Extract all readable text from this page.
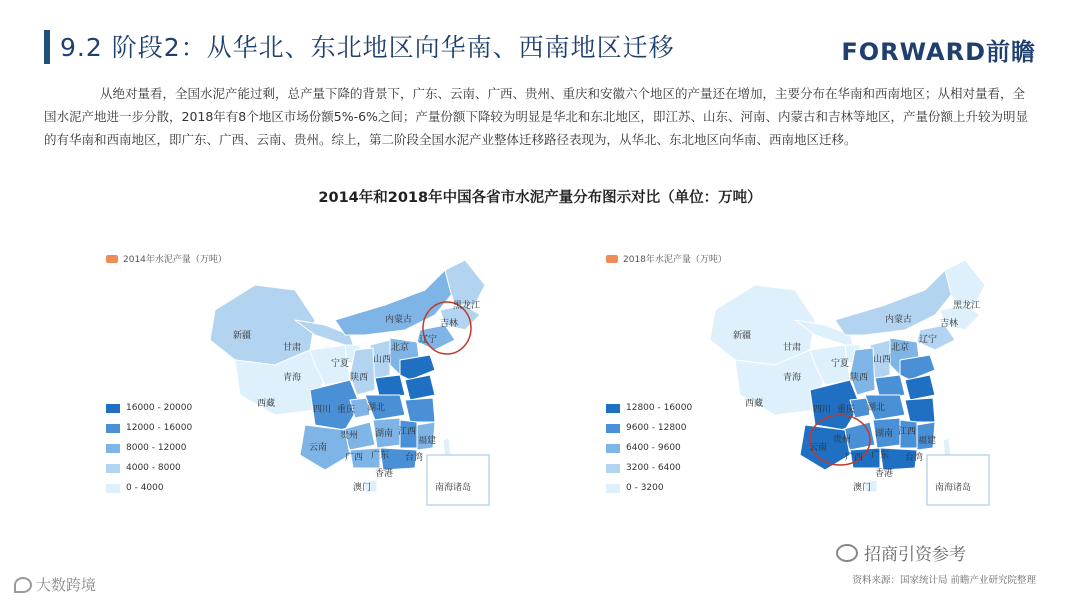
9.2 阶段2：从华北、东北地区向华南、西南地区迁移	FORWARD前瞻
从绝对量看，全国水泥产能过剩，总产量下降的背景下，广东、云南、广西、贵州、重庆和安徽六个地区的产量还在增加，主要分布在华南和西南地区；从相对量看，全国水泥产地进一步分散，2018年有8个地区市场份额5%-6%之间；产量份额下降较为明显是华北和东北地区，即江苏、山东、河南、内蒙古和吉林等地区，产量份额上升较为明显的有华南和西南地区，即广东、广西、云南、贵州。综上，第二阶段全国水泥产业整体迁移路径表现为，从华北、东北地区向华南、西南地区迁移。
2014年和2018年中国各省市水泥产量分布图示对比（单位：万吨）
2014年水泥产量（万吨）	2018年水泥产量（万吨）
16000 - 20000
12000 - 16000
8000 - 12000
4000 - 8000
0 - 4000
12800 - 16000
9600 - 12800
6400 - 9600
3200 - 6400
0 - 3200
新疆
甘肃
青海
西藏
内蒙古
黑龙江
吉林
辽宁
北京
宁夏	山西
陕西
四川 重庆 湖北
贵州 湖南 江西
福建
云南
广西 广东 台湾
香港
澳门	南海诸岛
新疆
甘肃
青海
西藏
内蒙古
黑龙江
吉林
辽宁
北京
宁夏	山西
陕西
四川 重庆 湖北
贵州
湖南 江西
福建
云南
广西 广东 台湾
香港
澳门	南海诸岛
招商引资参考
资料来源：国家统计局 前瞻产业研究院整理
大数跨境
